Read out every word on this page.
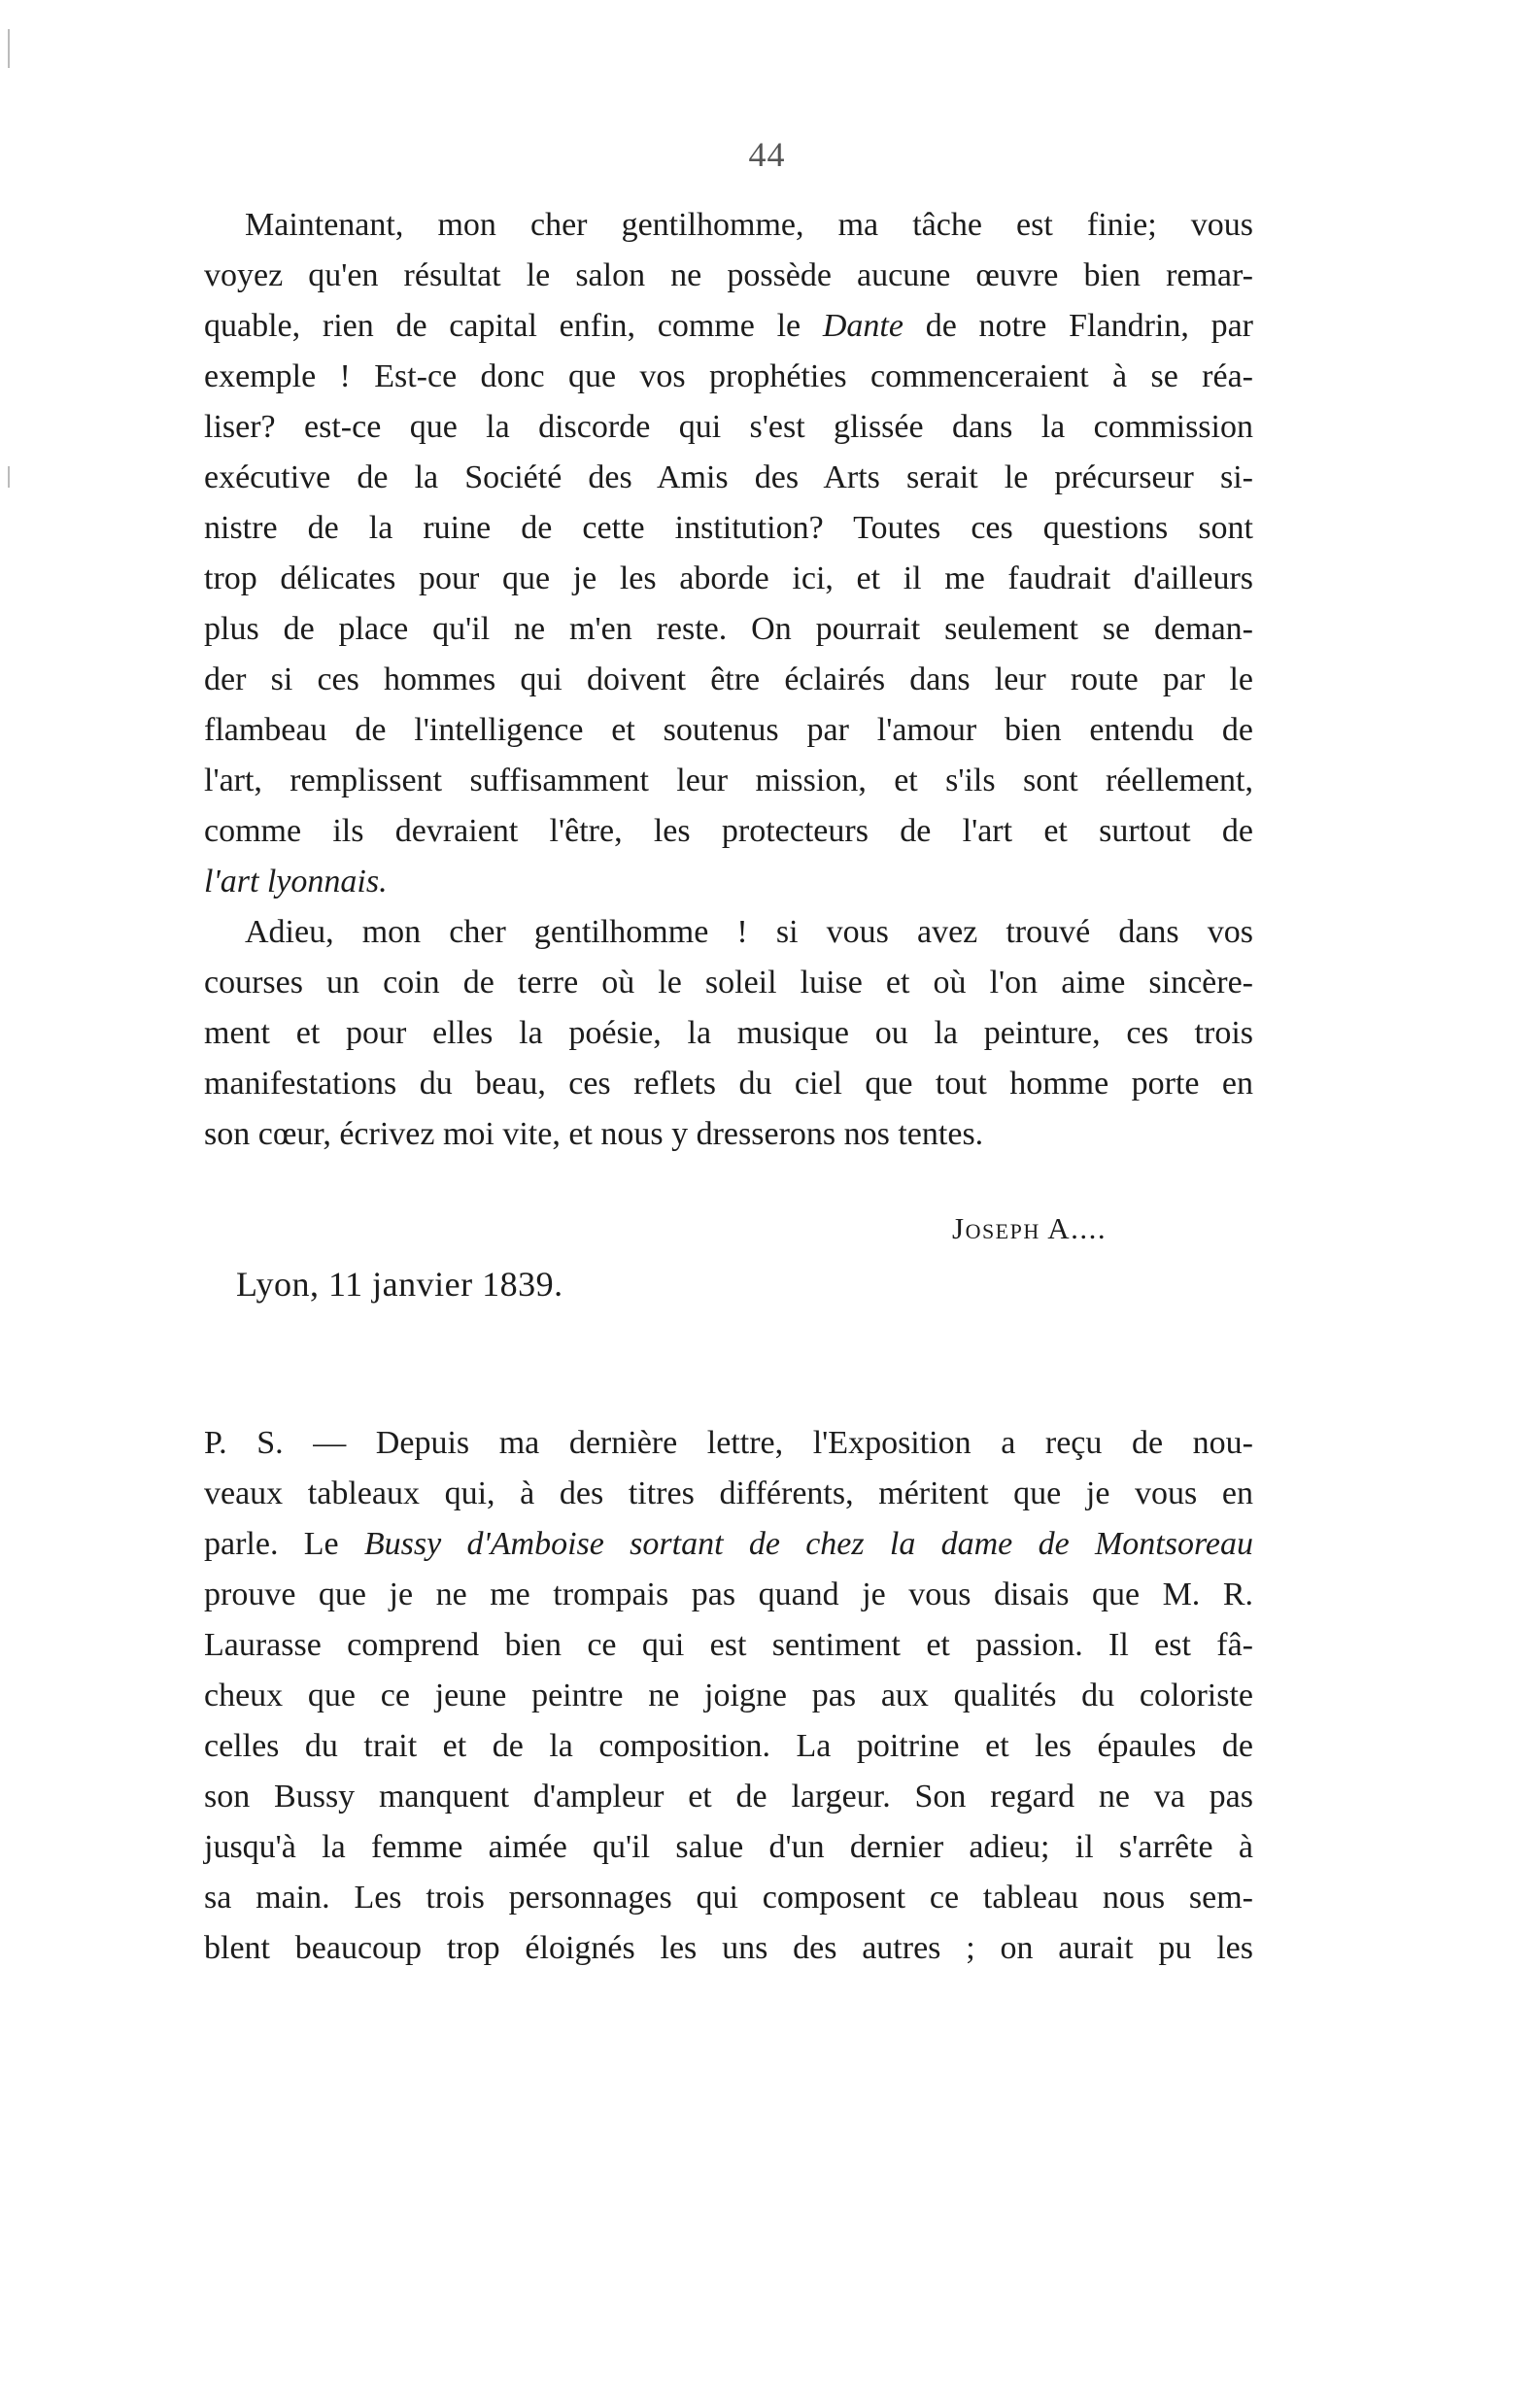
44
Maintenant, mon cher gentilhomme, ma tâche est finie; vous
voyez qu'en résultat le salon ne possède aucune œuvre bien remar-
quable, rien de capital enfin, comme le Dante de notre Flandrin, par
exemple ! Est-ce donc que vos prophéties commenceraient à se réa-
liser? est-ce que la discorde qui s'est glissée dans la commission
exécutive de la Société des Amis des Arts serait le précurseur si-
nistre de la ruine de cette institution? Toutes ces questions sont
trop délicates pour que je les aborde ici, et il me faudrait d'ailleurs
plus de place qu'il ne m'en reste. On pourrait seulement se deman-
der si ces hommes qui doivent être éclairés dans leur route par le
flambeau de l'intelligence et soutenus par l'amour bien entendu de
l'art, remplissent suffisamment leur mission, et s'ils sont réellement,
comme ils devraient l'être, les protecteurs de l'art et surtout de
l'art lyonnais.
Adieu, mon cher gentilhomme ! si vous avez trouvé dans vos
courses un coin de terre où le soleil luise et où l'on aime sincère-
ment et pour elles la poésie, la musique ou la peinture, ces trois
manifestations du beau, ces reflets du ciel que tout homme porte en
son cœur, écrivez moi vite, et nous y dresserons nos tentes.
Joseph A....
Lyon, 11 janvier 1839.
P. S. — Depuis ma dernière lettre, l'Exposition a reçu de nou-
veaux tableaux qui, à des titres différents, méritent que je vous en
parle. Le Bussy d'Amboise sortant de chez la dame de Montsoreau
prouve que je ne me trompais pas quand je vous disais que M. R.
Laurasse comprend bien ce qui est sentiment et passion. Il est fâ-
cheux que ce jeune peintre ne joigne pas aux qualités du coloriste
celles du trait et de la composition. La poitrine et les épaules de
son Bussy manquent d'ampleur et de largeur. Son regard ne va pas
jusqu'à la femme aimée qu'il salue d'un dernier adieu; il s'arrête à
sa main. Les trois personnages qui composent ce tableau nous sem-
blent beaucoup trop éloignés les uns des autres ; on aurait pu les
